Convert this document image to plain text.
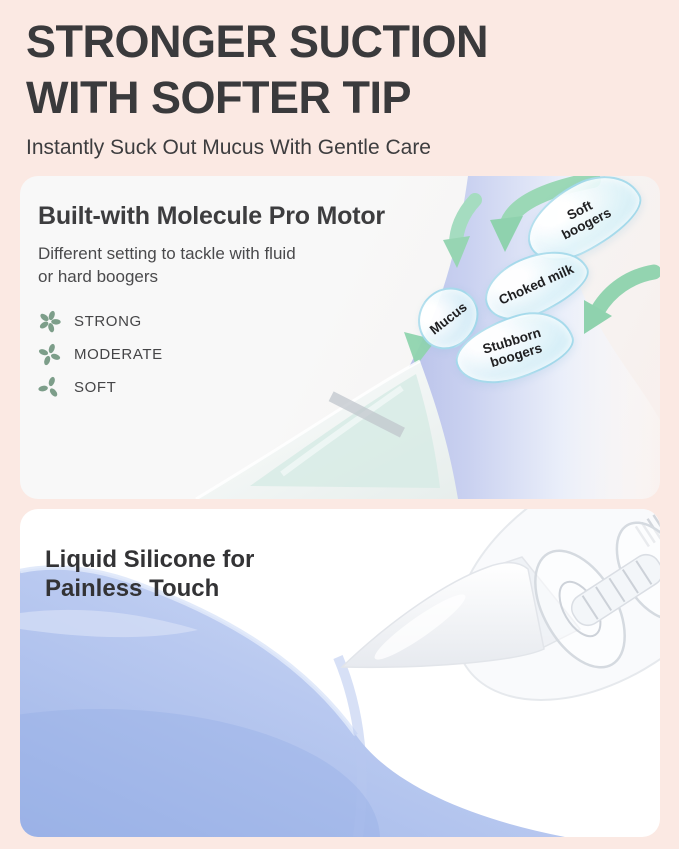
STRONGER SUCTION
WITH SOFTER TIP

Instantly Suck Out Mucus With Gentle Care

Soft boogers
Choked milk
Mucus
Stubborn boogers
Built-with Molecule Pro Motor

Different setting to tackle with fluid
or hard boogers

STRONG
MODERATE
SOFT
Liquid Silicone for
Painless Touch
